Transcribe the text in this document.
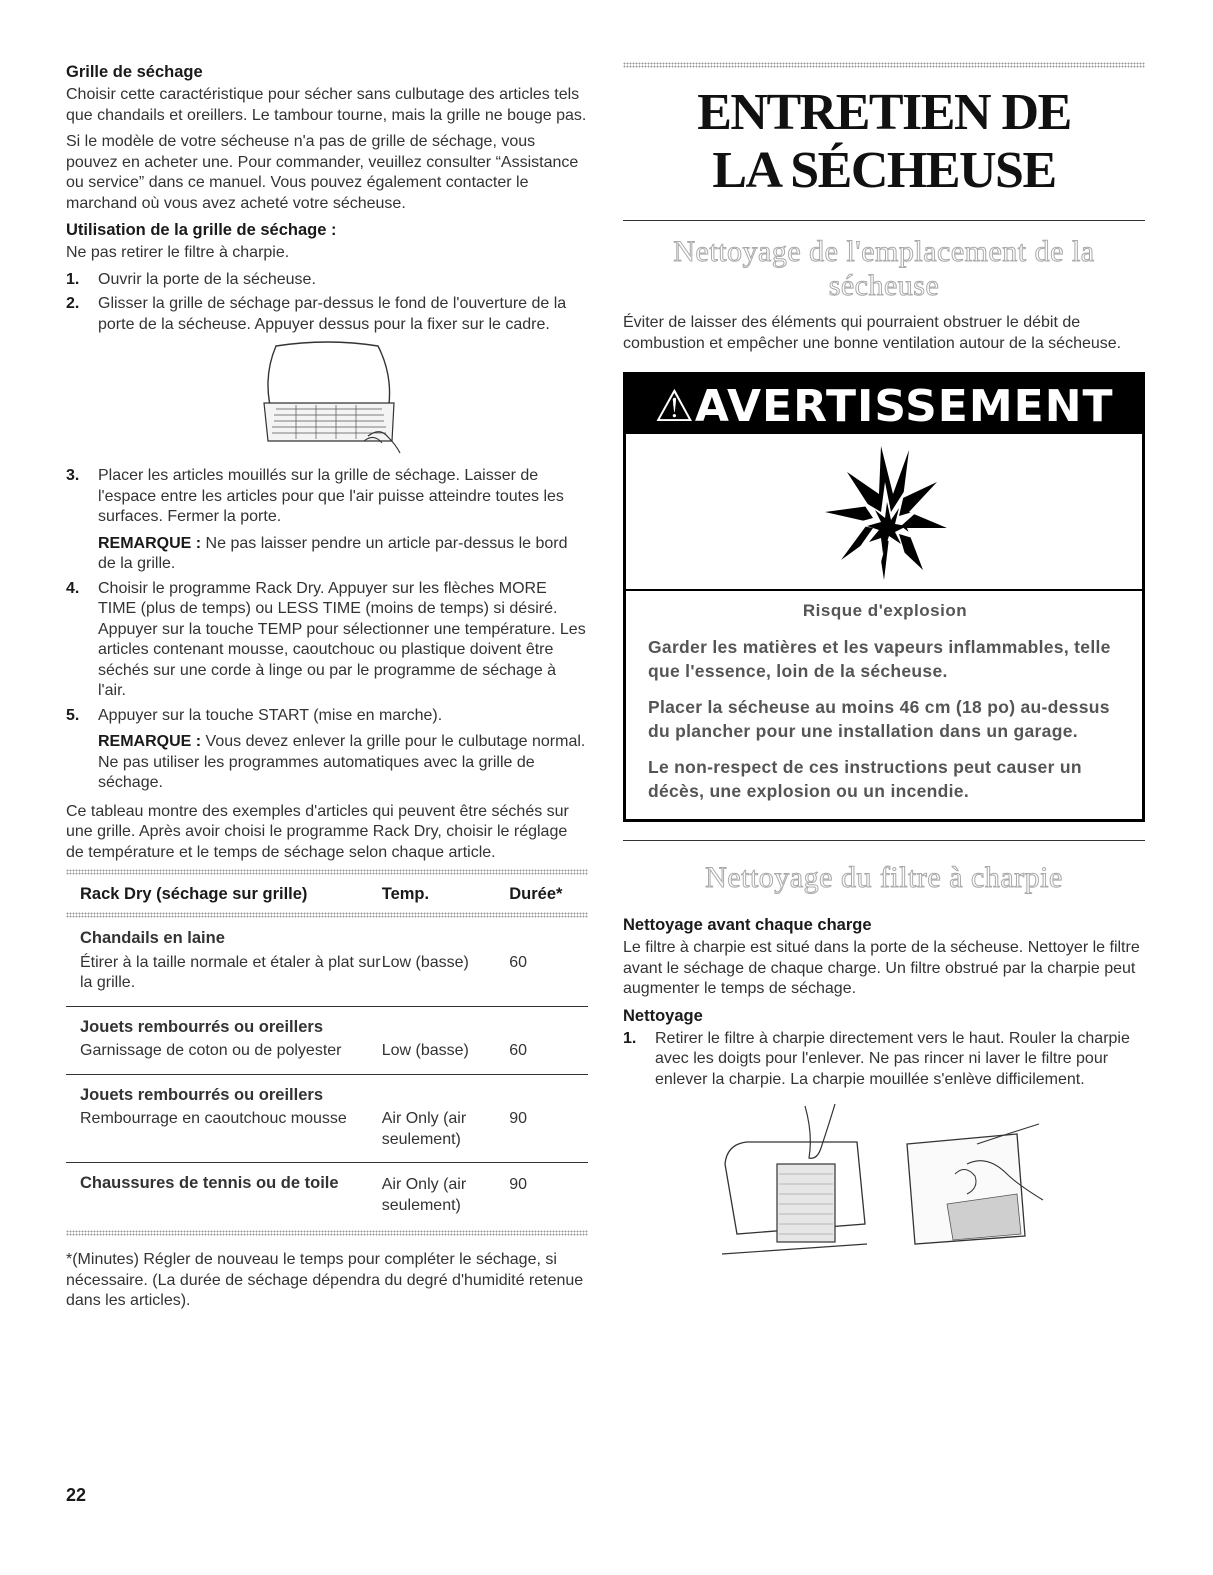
Grille de séchage

Choisir cette caractéristique pour sécher sans culbutage des articles tels que chandails et oreillers. Le tambour tourne, mais la grille ne bouge pas.

Si le modèle de votre sécheuse n'a pas de grille de séchage, vous pouvez en acheter une. Pour commander, veuillez consulter “Assistance ou service” dans ce manuel. Vous pouvez également contacter le marchand où vous avez acheté votre sécheuse.

Utilisation de la grille de séchage :

Ne pas retirer le filtre à charpie.

1. Ouvrir la porte de la sécheuse.
2. Glisser la grille de séchage par-dessus le fond de l'ouverture de la porte de la sécheuse. Appuyer dessus pour la fixer sur le cadre.
3. Placer les articles mouillés sur la grille de séchage. Laisser de l'espace entre les articles pour que l'air puisse atteindre toutes les surfaces. Fermer la porte.
REMARQUE : Ne pas laisser pendre un article par-dessus le bord de la grille.
4. Choisir le programme Rack Dry. Appuyer sur les flèches MORE TIME (plus de temps) ou LESS TIME (moins de temps) si désiré. Appuyer sur la touche TEMP pour sélectionner une température. Les articles contenant mousse, caoutchouc ou plastique doivent être séchés sur une corde à linge ou par le programme de séchage à l'air.
5. Appuyer sur la touche START (mise en marche).
REMARQUE : Vous devez enlever la grille pour le culbutage normal. Ne pas utiliser les programmes automatiques avec la grille de séchage.

Ce tableau montre des exemples d'articles qui peuvent être séchés sur une grille. Après avoir choisi le programme Rack Dry, choisir le réglage de température et le temps de séchage selon chaque article.

Rack Dry (séchage sur grille)	Temp.	Durée*

Chandails en laine		
Étirer à la taille normale et étaler à plat sur la grille.	Low (basse)	60

Jouets rembourrés ou oreillers		
Garnissage de coton ou de polyester	Low (basse)	60

Jouets rembourrés ou oreillers		
Rembourrage en caoutchouc mousse	Air Only (air seulement)	90

Chaussures de tennis ou de toile	Air Only (air seulement)	90

*(Minutes) Régler de nouveau le temps pour compléter le séchage, si nécessaire. (La durée de séchage dépendra du degré d'humidité retenue dans les articles).
ENTRETIEN DE
LA SÉCHEUSE
Nettoyage de l'emplacement de la sécheuse

Éviter de laisser des éléments qui pourraient obstruer le débit de combustion et empêcher une bonne ventilation autour de la sécheuse.

⚠AVERTISSEMENT
Risque d'explosion

Garder les matières et les vapeurs inflammables, telle que l'essence, loin de la sécheuse.

Placer la sécheuse au moins 46 cm (18 po) au-dessus du plancher pour une installation dans un garage.

Le non-respect de ces instructions peut causer un décès, une explosion ou un incendie.

Nettoyage du filtre à charpie
Nettoyage avant chaque charge

Le filtre à charpie est situé dans la porte de la sécheuse. Nettoyer le filtre avant le séchage de chaque charge. Un filtre obstrué par la charpie peut augmenter le temps de séchage.

Nettoyage
1. Retirer le filtre à charpie directement vers le haut. Rouler la charpie avec les doigts pour l'enlever. Ne pas rincer ni laver le filtre pour enlever la charpie. La charpie mouillée s'enlève difficilement.
22
